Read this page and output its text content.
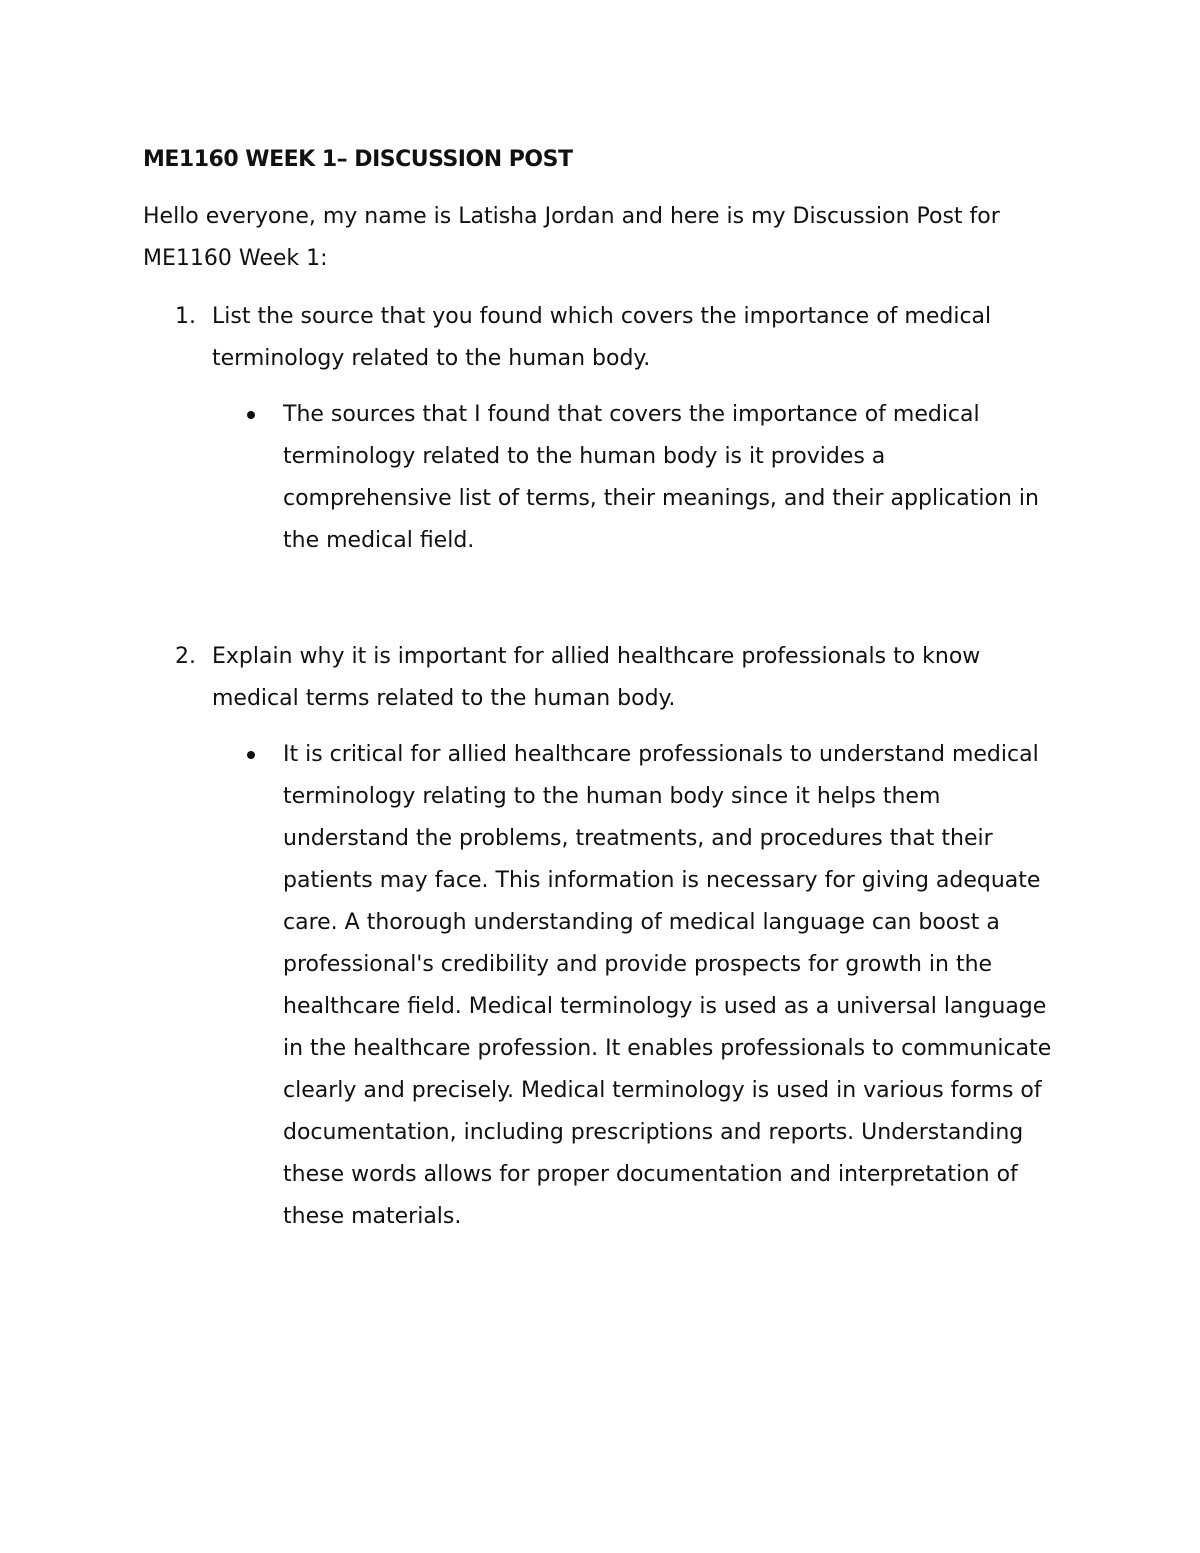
ME1160 WEEK 1– DISCUSSION POST
Hello everyone, my name is Latisha Jordan and here is my Discussion Post for ME1160 Week 1:
1. List the source that you found which covers the importance of medical terminology related to the human body.
The sources that I found that covers the importance of medical terminology related to the human body is it provides a comprehensive list of terms, their meanings, and their application in the medical field.
2. Explain why it is important for allied healthcare professionals to know medical terms related to the human body.
It is critical for allied healthcare professionals to understand medical terminology relating to the human body since it helps them understand the problems, treatments, and procedures that their patients may face. This information is necessary for giving adequate care. A thorough understanding of medical language can boost a professional's credibility and provide prospects for growth in the healthcare field. Medical terminology is used as a universal language in the healthcare profession. It enables professionals to communicate clearly and precisely. Medical terminology is used in various forms of documentation, including prescriptions and reports. Understanding these words allows for proper documentation and interpretation of these materials.
